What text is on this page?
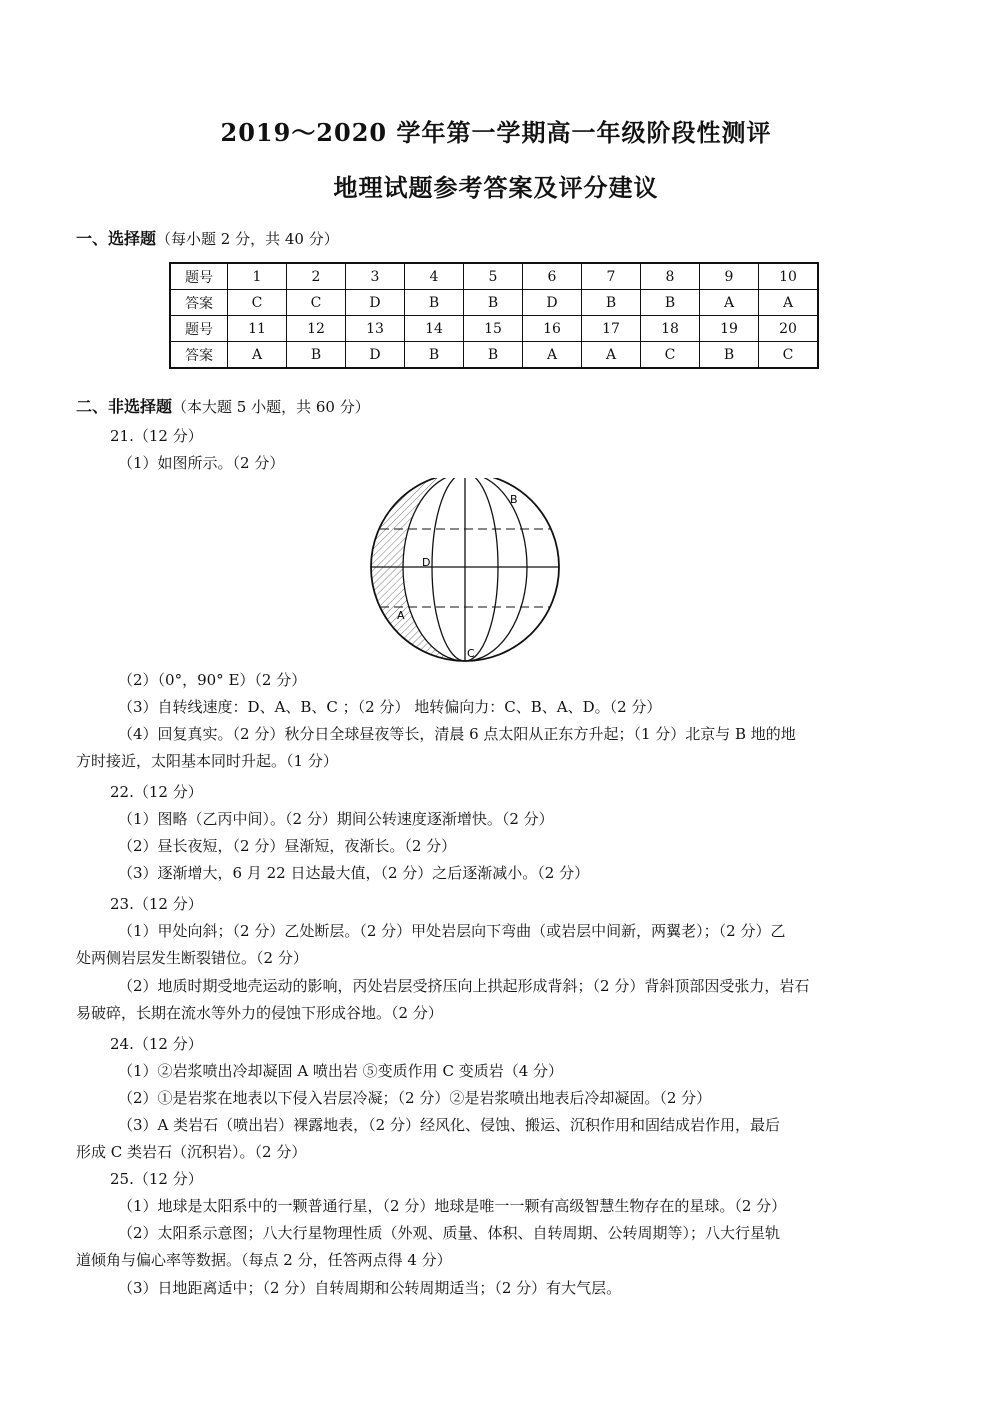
2019～2020 学年第一学期高一年级阶段性测评
地理试题参考答案及评分建议
一、选择题（每小题 2 分，共 40 分）
题号	1	2	3	4	5	6	7	8	9	10
答案	C	C	D	B	B	D	B	B	A	A
题号	11	12	13	14	15	16	17	18	19	20
答案	A	B	D	B	B	A	A	C	B	C
二、非选择题（本大题 5 小题，共 60 分）
21.（12 分）
（1）如图所示。（2 分）
B
D
A
C
（2）（0°，90° E）（2 分）
（3）自转线速度：D、A、B、C ；（2 分） 地转偏向力：C、B、A、D。（2 分）
（4）回复真实。（2 分）秋分日全球昼夜等长，清晨 6 点太阳从正东方升起；（1 分）北京与 B 地的地
方时接近，太阳基本同时升起。（1 分）
22.（12 分）
（1）图略（乙丙中间）。（2 分）期间公转速度逐渐增快。（2 分）
（2）昼长夜短，（2 分）昼渐短，夜渐长。（2 分）
（3）逐渐增大，6 月 22 日达最大值，（2 分）之后逐渐减小。（2 分）
23.（12 分）
（1）甲处向斜；（2 分）乙处断层。（2 分）甲处岩层向下弯曲（或岩层中间新，两翼老）；（2 分）乙
处两侧岩层发生断裂错位。（2 分）
（2）地质时期受地壳运动的影响，丙处岩层受挤压向上拱起形成背斜；（2 分）背斜顶部因受张力，岩石
易破碎，长期在流水等外力的侵蚀下形成谷地。（2 分）
24.（12 分）
（1）②岩浆喷出冷却凝固 A 喷出岩 ⑤变质作用 C 变质岩（4 分）
（2）①是岩浆在地表以下侵入岩层冷凝；（2 分）②是岩浆喷出地表后冷却凝固。（2 分）
（3）A 类岩石（喷出岩）裸露地表，（2 分）经风化、侵蚀、搬运、沉积作用和固结成岩作用，最后
形成 C 类岩石（沉积岩）。（2 分）
25.（12 分）
（1）地球是太阳系中的一颗普通行星，（2 分）地球是唯一一颗有高级智慧生物存在的星球。（2 分）
（2）太阳系示意图；八大行星物理性质（外观、质量、体积、自转周期、公转周期等）；八大行星轨
道倾角与偏心率等数据。（每点 2 分，任答两点得 4 分）
（3）日地距离适中；（2 分）自转周期和公转周期适当；（2 分）有大气层。
